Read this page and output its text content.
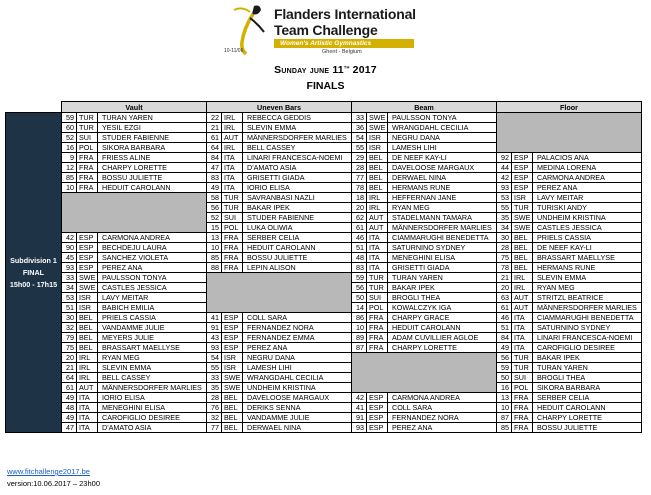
Flanders International
Team Challenge
Women's Artistic Gymnastics
10-11/06	Ghent - Belgium
Sunday june 11th 2017
FINALS
	Vault			Uneven Bars			Beam			Floor		

Subdivision 1
FINAL
15h00 - 17h15	59	TUR	TURAN YAREN	22	IRL	REBECCA GEDDIS	33	SWE	PAULSSON TONYA			
	60	TUR	YESIL EZGI	21	IRL	SLEVIN EMMA	36	SWE	WRANGDAHL CECILIA			
	52	SUI	STUDER FABIENNE	61	AUT	MÄNNERSDORFER MARLIES	54	ISR	NEGRU DANA			
	16	POL	SIKORA BARBARA	64	IRL	BELL CASSEY	55	ISR	LAMESH LIHI			
	9	FRA	FRIESS ALINE	84	ITA	LINARI FRANCESCA-NOEMI	29	BEL	DE NEEF KAY-LI	92	ESP	PALACIOS ANA
	12	FRA	CHARPY LORETTE	47	ITA	D'AMATO ASIA	28	BEL	DAVELOOSE MARGAUX	44	ESP	MEDINA LORENA
	85	FRA	BOSSU JULIETTE	83	ITA	GRISETTI GIADA	77	BEL	DERWAEL NINA	42	ESP	CARMONA ANDREA
	10	FRA	HEDUIT CAROLANN	49	ITA	IORIO ELISA	78	BEL	HERMANS RUNE	93	ESP	PEREZ ANA
				58	TUR	SAVRANBASI NAZLI	18	IRL	HEFFERNAN JANE	53	ISR	LAVY MEITAR
				56	TUR	BAKAR IPEK	20	IRL	RYAN MEG	55	TUR	TURISKI ANDY
				52	SUI	STUDER FABIENNE	62	AUT	STADELMANN TAMARA	35	SWE	UNDHEIM KRISTINA
				15	POL	LUKA OLIWIA	61	AUT	MÄNNERSDORFER MARLIES	34	SWE	CASTLES JESSICA
	42	ESP	CARMONA ANDREA	13	FRA	SERBER CELIA	46	ITA	CIAMMARUGHI BENEDETTA	30	BEL	PRIELS CASSIA
	90	ESP	BECHDEJU LAURA	10	FRA	HEDUIT CAROLANN	51	ITA	SATURNINO SYDNEY	28	BEL	DE NEEF KAY-LI
	45	ESP	SANCHEZ VIOLETA	85	FRA	BOSSU JULIETTE	48	ITA	MENEGHINI ELISA	75	BEL	BRASSART MAELLYSE
	93	ESP	PEREZ ANA	88	FRA	LEPIN ALISON	83	ITA	GRISETTI GIADA	78	BEL	HERMANS RUNE
	33	SWE	PAULSSON TONYA				59	TUR	TURAN YAREN	21	IRL	SLEVIN EMMA
	34	SWE	CASTLES JESSICA				56	TUR	BAKAR IPEK	20	IRL	RYAN MEG
	53	ISR	LAVY MEITAR				50	SUI	BROGLI THEA	63	AUT	STRITZL BEATRICE
	51	ISR	BABICH EMILIA				14	POL	KOWALCZYK IGA	61	AUT	MÄNNERSDORFER MARLIES
	30	BEL	PRIELS CASSIA	41	ESP	COLL SARA	86	FRA	CHARPY GRACE	46	ITA	CIAMMARUGHI BENEDETTA
	32	BEL	VANDAMME JULIE	91	ESP	FERNANDEZ NORA	10	FRA	HEDUIT CAROLANN	51	ITA	SATURNINO SYDNEY
	79	BEL	MEYERS JULIE	43	ESP	FERNANDEZ EMMA	89	FRA	ADAM CUVILLIER AGLOE	84	ITA	LINARI FRANCESCA-NOEMI
	75	BEL	BRASSART MAELLYSE	93	ESP	PEREZ ANA	87	FRA	CHARPY LORETTE	49	ITA	CAROFIGLIO DESIREE
	20	IRL	RYAN MEG	54	ISR	NEGRU DANA				56	TUR	BAKAR IPEK
	21	IRL	SLEVIN EMMA	55	ISR	LAMESH LIHI				59	TUR	TURAN YAREN
	64	IRL	BELL CASSEY	33	SWE	WRANGDAHL CECILIA				50	SUI	BROGLI THEA
	61	AUT	MÄNNERSDORFER MARLIES	35	SWE	UNDHEIM KRISTINA				16	POL	SIKORA BARBARA
	49	ITA	IORIO ELISA	28	BEL	DAVELOOSE MARGAUX	42	ESP	CARMONA ANDREA	13	FRA	SERBER CELIA
	48	ITA	MENEGHINI ELISA	76	BEL	DERIKS SENNA	41	ESP	COLL SARA	10	FRA	HEDUIT CAROLANN
	49	ITA	CAROFIGLIO DESIREE	32	BEL	VANDAMME JULIE	91	ESP	FERNANDEZ NORA	87	FRA	CHARPY LORETTE
	47	ITA	D'AMATO ASIA	77	BEL	DERWAEL NINA	93	ESP	PEREZ ANA	85	FRA	BOSSU JULIETTE
www.fitchallenge2017.be
version:10.06.2017 – 23h00
